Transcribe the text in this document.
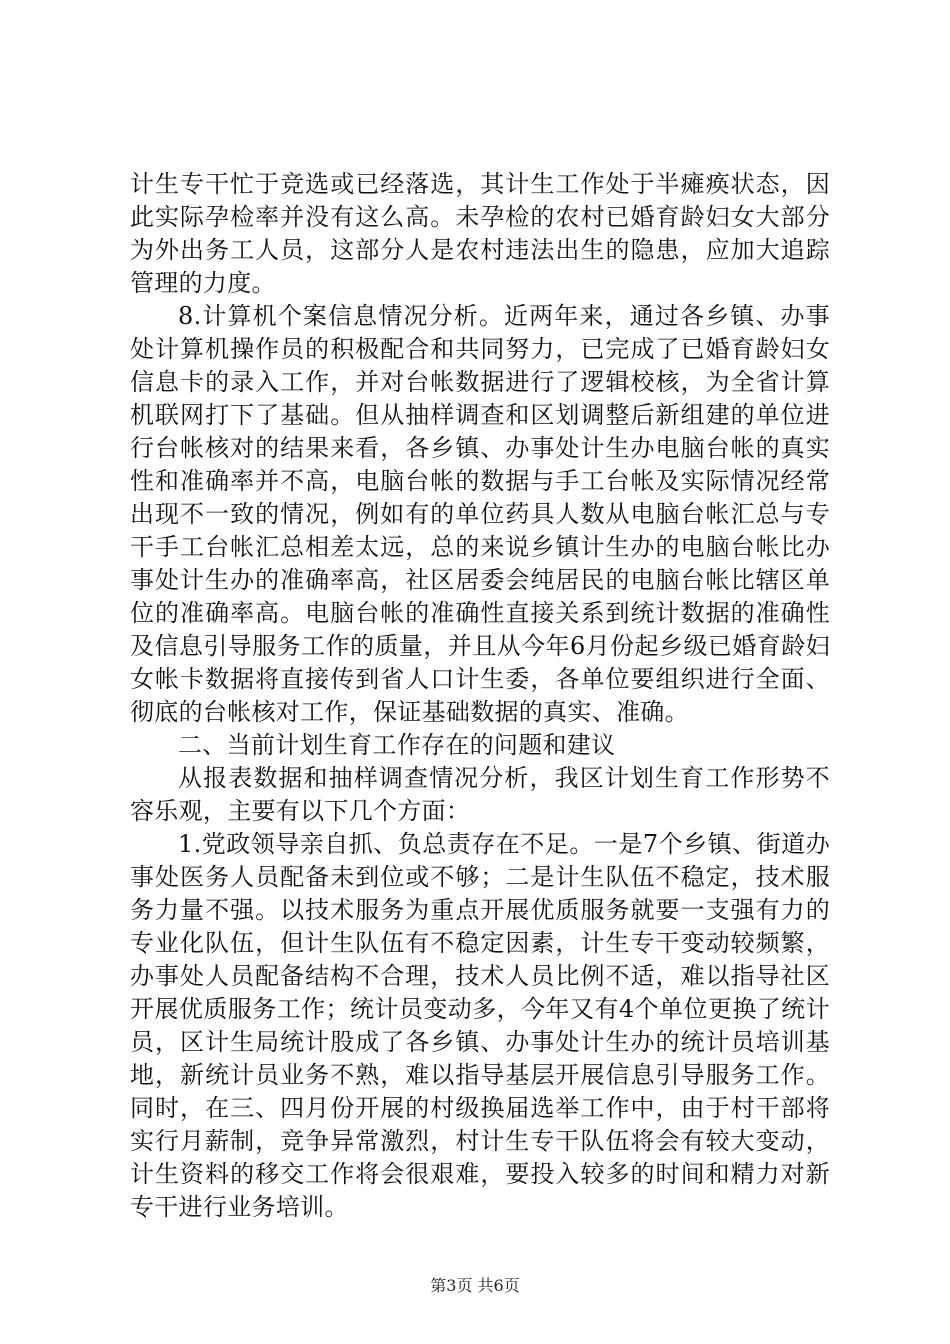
计生专干忙于竞选或已经落选，其计生工作处于半瘫痪状态，因此实际孕检率并没有这么高。未孕检的农村已婚育龄妇女大部分为外出务工人员，这部分人是农村违法出生的隐患，应加大追踪管理的力度。

8.计算机个案信息情况分析。近两年来，通过各乡镇、办事处计算机操作员的积极配合和共同努力，已完成了已婚育龄妇女信息卡的录入工作，并对台帐数据进行了逻辑校核，为全省计算机联网打下了基础。但从抽样调查和区划调整后新组建的单位进行台帐核对的结果来看，各乡镇、办事处计生办电脑台帐的真实性和准确率并不高，电脑台帐的数据与手工台帐及实际情况经常出现不一致的情况，例如有的单位药具人数从电脑台帐汇总与专干手工台帐汇总相差太远，总的来说乡镇计生办的电脑台帐比办事处计生办的准确率高，社区居委会纯居民的电脑台帐比辖区单位的准确率高。电脑台帐的准确性直接关系到统计数据的准确性及信息引导服务工作的质量，并且从今年6月份起乡级已婚育龄妇女帐卡数据将直接传到省人口计生委，各单位要组织进行全面、彻底的台帐核对工作，保证基础数据的真实、准确。

二、当前计划生育工作存在的问题和建议

从报表数据和抽样调查情况分析，我区计划生育工作形势不容乐观，主要有以下几个方面：

1.党政领导亲自抓、负总责存在不足。一是7个乡镇、街道办事处医务人员配备未到位或不够；二是计生队伍不稳定，技术服务力量不强。以技术服务为重点开展优质服务就要一支强有力的专业化队伍，但计生队伍有不稳定因素，计生专干变动较频繁，办事处人员配备结构不合理，技术人员比例不适，难以指导社区开展优质服务工作；统计员变动多，今年又有4个单位更换了统计员，区计生局统计股成了各乡镇、办事处计生办的统计员培训基地，新统计员业务不熟，难以指导基层开展信息引导服务工作。同时，在三、四月份开展的村级换届选举工作中，由于村干部将实行月薪制，竞争异常激烈，村计生专干队伍将会有较大变动，计生资料的移交工作将会很艰难，要投入较多的时间和精力对新专干进行业务培训。

第3页 共6页
